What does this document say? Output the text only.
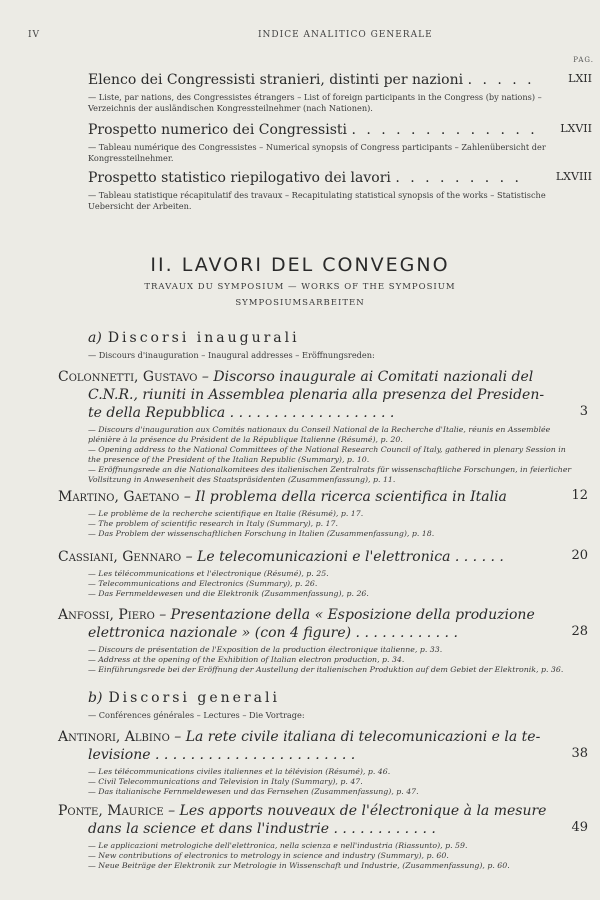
IV	INDICE ANALITICO GENERALE
PAG.
Elenco dei Congressisti stranieri, distinti per nazioni . . . . .	LXII
— Liste, par nations, des Congressistes étrangers – List of foreign participants in the Congress (by nations) – Verzeichnis der ausländischen Kongressteilnehmer (nach Nationen).
Prospetto numerico dei Congressisti . . . . . . . . . . . . .	LXVII
— Tableau numérique des Congressistes – Numerical synopsis of Congress participants – Zahlenübersicht der Kongressteilnehmer.
Prospetto statistico riepilogativo dei lavori . . . . . . . . .	LXVIII
— Tableau statistique récapitulatif des travaux – Recapitulating statistical synopsis of the works – Statistische Uebersicht der Arbeiten.
II. LAVORI DEL CONVEGNO
TRAVAUX DU SYMPOSIUM — WORKS OF THE SYMPOSIUM
SYMPOSIUMSARBEITEN
a) Discorsi inaugurali
— Discours d'inauguration – Inaugural addresses – Eröffnungsreden:
Colonnetti, Gustavo – Discorso inaugurale ai Comitati nazionali del
C.N.R., riuniti in Assemblea plenaria alla presenza del Presiden-
te della Repubblica . . . . . . . . . . . . . . . . . . .	3
— Discours d'inauguration aux Comités nationaux du Conseil National de la Recherche d'Italie, réunis en Assemblée plénière à la présence du Président de la République Italienne (Résumé), p. 20.
— Opening address to the National Committees of the National Research Council of Italy, gathered in plenary Session in the presence of the President of the Italian Republic (Summary), p. 10.
— Eröffnungsrede an die Nationalkomitees des italienischen Zentralrats für wissenschaftliche Forschungen, in feierlicher Vollsitzung in Anwesenheit des Staatspräsidenten (Zusammenfassung), p. 11.
Martino, Gaetano – Il problema della ricerca scientifica in Italia	12
— Le problème de la recherche scientifique en Italie (Résumé), p. 17.
— The problem of scientific research in Italy (Summary), p. 17.
— Das Problem der wissenschaftlichen Forschung in Italien (Zusammenfassung), p. 18.
Cassiani, Gennaro – Le telecomunicazioni e l'elettronica . . . . . .	20
— Les télécommunications et l'électronique (Résumé), p. 25.
— Telecommunications and Electronics (Summary), p. 26.
— Das Fernmeldewesen und die Elektronik (Zusammenfassung), p. 26.
Anfossi, Piero – Presentazione della « Esposizione della produzione
elettronica nazionale » (con 4 figure) . . . . . . . . . . . .	28
— Discours de présentation de l'Exposition de la production électronique italienne, p. 33.
— Address at the opening of the Exhibition of Italian electron production, p. 34.
— Einführungsrede bei der Eröffnung der Austellung der italienischen Produktion auf dem Gebiet der Elektronik, p. 36.
b) Discorsi generali
— Conférences générales – Lectures – Die Vortrage:
Antinori, Albino – La rete civile italiana di telecomunicazioni e la te-
levisione . . . . . . . . . . . . . . . . . . . . . . .	38
— Les télécommunications civiles italiennes et la télévision (Résumé), p. 46.
— Civil Telecommunications and Television in Italy (Summary), p. 47.
— Das italianische Fernmeldewesen und das Fernsehen (Zusammenfassung), p. 47.
Ponte, Maurice – Les apports nouveaux de l'électronique à la mesure
dans la science et dans l'industrie . . . . . . . . . . . .	49
— Le applicazioni metrologiche dell'elettronica, nella scienza e nell'industria (Riassunto), p. 59.
— New contributions of electronics to metrology in science and industry (Summary), p. 60.
— Neue Beiträge der Elektronik zur Metrologie in Wissenschaft und Industrie, (Zusammenfassung), p. 60.
